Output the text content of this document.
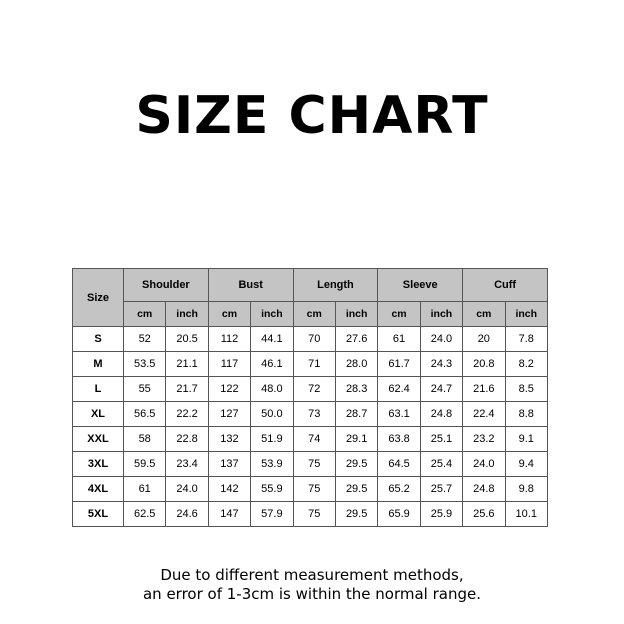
SIZE CHART
Size	Shoulder		Bust		Length		Sleeve		Cuff	
	cm	inch	cm	inch	cm	inch	cm	inch	cm	inch
S	52	20.5	112	44.1	70	27.6	61	24.0	20	7.8
M	53.5	21.1	117	46.1	71	28.0	61.7	24.3	20.8	8.2
L	55	21.7	122	48.0	72	28.3	62.4	24.7	21.6	8.5
XL	56.5	22.2	127	50.0	73	28.7	63.1	24.8	22.4	8.8
XXL	58	22.8	132	51.9	74	29.1	63.8	25.1	23.2	9.1
3XL	59.5	23.4	137	53.9	75	29.5	64.5	25.4	24.0	9.4
4XL	61	24.0	142	55.9	75	29.5	65.2	25.7	24.8	9.8
5XL	62.5	24.6	147	57.9	75	29.5	65.9	25.9	25.6	10.1
Due to different measurement methods,
an error of 1-3cm is within the normal range.
